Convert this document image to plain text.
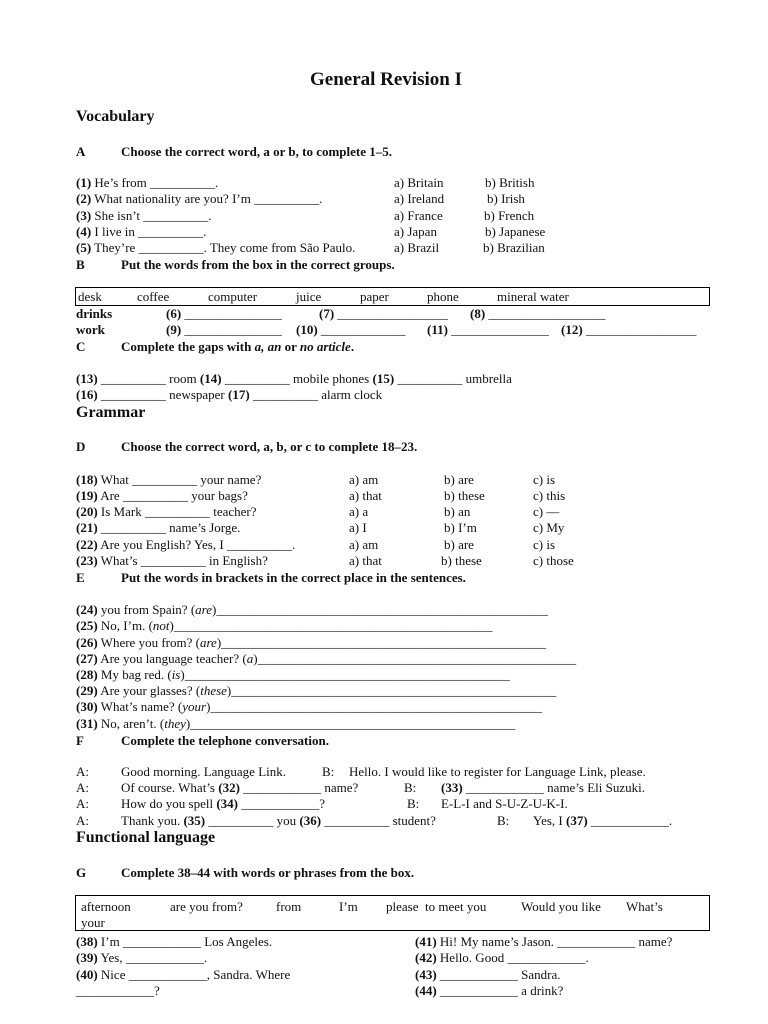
General Revision I
Vocabulary
A	Choose the correct word, a or b, to complete 1–5.
(1) He’s from __________.	a) Britain	b) British
(2) What nationality are you? I’m __________.	a) Ireland	b) Irish
(3) She isn’t __________.	a) France	b) French
(4) I live in __________.	a) Japan	b) Japanese
(5) They’re __________. They come from São Paulo.	a) Brazil	b) Brazilian
B	Put the words from the box in the correct groups.
desk	coffee	computer	juice	paper	phone	mineral water
drinks	(6) _______________	(7) _________________ (8) __________________
work	(9) _______________ (10) _____________ (11) _______________ (12) _________________
C	Complete the gaps with a, an or no article.
(13) __________ room (14) __________ mobile phones (15) __________ umbrella
(16) __________ newspaper (17) __________ alarm clock
Grammar
D	Choose the correct word, a, b, or c to complete 18–23.
(18) What __________ your name?	a) am	b) are	c) is
(19) Are __________ your bags?	a) that	b) these	c) this
(20) Is Mark __________ teacher?	a) a	b) an	c) —
(21) __________ name’s Jorge.	a) I	b) I’m	c) My
(22) Are you English? Yes, I __________.	a) am	b) are	c) is
(23) What’s __________ in English?	a) that	b) these	c) those
E	Put the words in brackets in the correct place in the sentences.
(24) you from Spain? (are)___________________________________________________
(25) No, I’m. (not)_________________________________________________
(26) Where you from? (are)__________________________________________________
(27) Are you language teacher? (a)_________________________________________________
(28) My bag red. (is)__________________________________________________
(29) Are your glasses? (these)__________________________________________________
(30) What’s name? (your)___________________________________________________
(31) No, aren’t. (they)__________________________________________________
F	Complete the telephone conversation.
A: Good morning. Language Link.	B: Hello. I would like to register for Language Link, please.
A: Of course. What’s (32) ____________ name?	B: (33) ____________ name’s Eli Suzuki.
A: How do you spell (34) ____________?	B: E-L-I and S-U-Z-U-K-I.
A: Thank you. (35) __________ you (36) __________ student?	B: Yes, I (37) ____________.
Functional language
G	Complete 38–44 with words or phrases from the box.
afternoon	are you from?	from	I’m please  to meet you	Would you like What’s
your
(38) I’m ____________ Los Angeles.
(39) Yes, ____________.
(40) Nice ____________, Sandra. Where
____________?
(41) Hi! My name’s Jason. ____________ name?
(42) Hello. Good ____________.
(43) ____________ Sandra.
(44) ____________ a drink?
